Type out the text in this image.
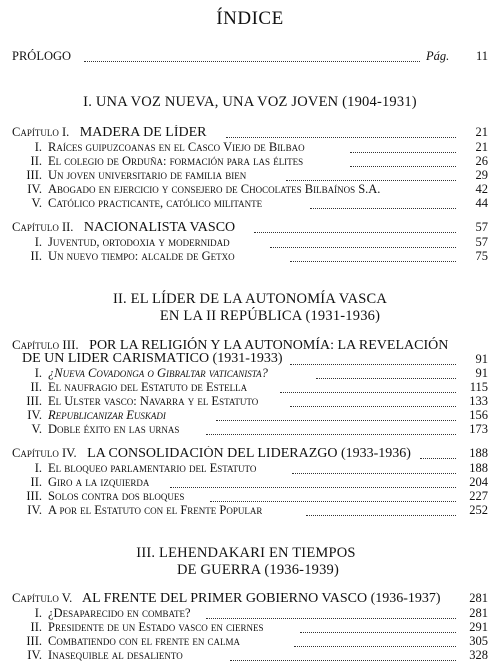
ÍNDICE
PRÓLOGO	Pág.	11
I. UNA VOZ NUEVA, UNA VOZ JOVEN (1904-1931)
Capítulo I. MADERA DE LÍDER	21
I. Raíces guipuzcoanas en el Casco Viejo de Bilbao	21
II. El colegio de Orduña: formación para las élites	26
III. Un joven universitario de familia bien	29
IV. Abogado en ejercicio y consejero de Chocolates Bilbaínos S.A.	42
V. Católico practicante, católico militante	44
Capítulo II. NACIONALISTA VASCO	57
I. Juventud, ortodoxia y modernidad	57
II. Un nuevo tiempo: alcalde de Getxo	75
II. EL LÍDER DE LA AUTONOMÍA VASCA
EN LA II REPÚBLICA (1931-1936)
Capítulo III. POR LA RELIGIÓN Y LA AUTONOMÍA: LA REVELACIÓN
DE UN LÍDER CARISMÁTICO (1931-1933)	91
I. ¿Nueva Covadonga o Gibraltar vaticanista?	91
II. El naufragio del Estatuto de Estella	115
III. El Ulster vasco: Navarra y el Estatuto	133
IV. Republicanizar Euskadi	156
V. Doble éxito en las urnas	173
Capítulo IV. LA CONSOLIDACIÓN DEL LIDERAZGO (1933-1936)	188
I. El bloqueo parlamentario del Estatuto	188
II. Giro a la izquierda	204
III. Solos contra dos bloques	227
IV. A por el Estatuto con el Frente Popular	252
III. LEHENDAKARI EN TIEMPOS
DE GUERRA (1936-1939)
Capítulo V. AL FRENTE DEL PRIMER GOBIERNO VASCO (1936-1937)	281
I. ¿Desaparecido en combate?	281
II. Presidente de un Estado vasco en ciernes	291
III. Combatiendo con el frente en calma	305
IV. Inasequible al desaliento	328
